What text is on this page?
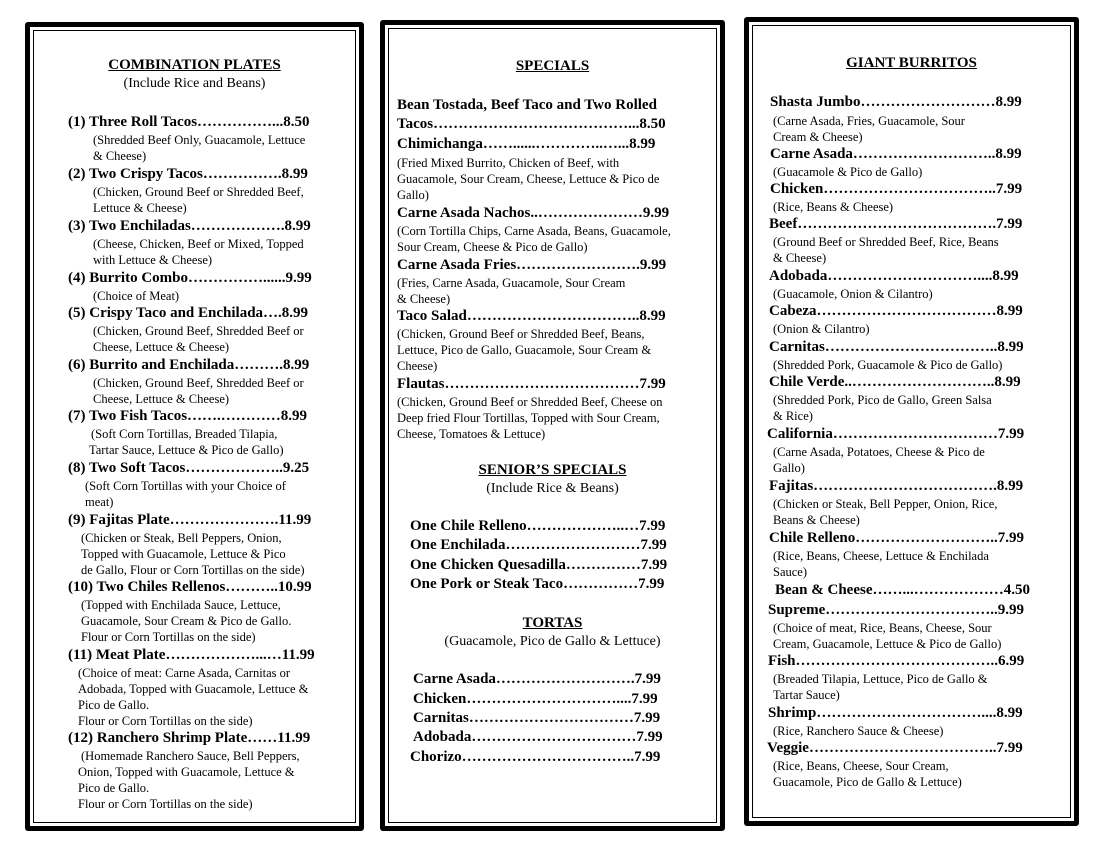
COMBINATION PLATES
(Include Rice and Beans)
(1) Three Roll Tacos……………...8.50
(Shredded Beef Only, Guacamole, Lettuce
& Cheese)
(2) Two Crispy Tacos…………….8.99
(Chicken, Ground Beef or Shredded Beef,
Lettuce & Cheese)
(3) Two Enchiladas……………….8.99
(Cheese, Chicken, Beef or Mixed, Topped
with Lettuce & Cheese)
(4) Burrito Combo……………......9.99
(Choice of Meat)
(5) Crispy Taco and Enchilada….8.99
(Chicken, Ground Beef, Shredded Beef or
Cheese, Lettuce & Cheese)
(6) Burrito and Enchilada……….8.99
(Chicken, Ground Beef, Shredded Beef or
Cheese, Lettuce & Cheese)
(7) Two Fish Tacos…….…………8.99
(Soft Corn Tortillas, Breaded Tilapia,
Tartar Sauce, Lettuce & Pico de Gallo)
(8) Two Soft Tacos………………..9.25
(Soft Corn Tortillas with your Choice of
meat)
(9) Fajitas Plate………………….11.99
(Chicken or Steak, Bell Peppers, Onion,
Topped with Guacamole, Lettuce & Pico
de Gallo, Flour or Corn Tortillas on the side)
(10) Two Chiles Rellenos………..10.99
(Topped with Enchilada Sauce, Lettuce,
Guacamole, Sour Cream & Pico de Gallo.
Flour or Corn Tortillas on the side)
(11) Meat Plate………………...…11.99
(Choice of meat: Carne Asada, Carnitas or
Adobada, Topped with Guacamole, Lettuce &
Pico de Gallo.
Flour or Corn Tortillas on the side)
(12) Ranchero Shrimp Plate……11.99
(Homemade Ranchero Sauce, Bell Peppers,
Onion, Topped with Guacamole, Lettuce &
Pico de Gallo.
Flour or Corn Tortillas on the side)
SPECIALS
Bean Tostada, Beef Taco and Two Rolled
Tacos…………………………………...8.50
Chimichanga……......…………..…...8.99
(Fried Mixed Burrito, Chicken of Beef, with
Guacamole, Sour Cream, Cheese, Lettuce & Pico de
Gallo)
Carne Asada Nachos..…………………9.99
(Corn Tortilla Chips, Carne Asada, Beans, Guacamole,
Sour Cream, Cheese & Pico de Gallo)
Carne Asada Fries…………………….9.99
(Fries, Carne Asada, Guacamole, Sour Cream
& Cheese)
Taco Salad……………………………..8.99
(Chicken, Ground Beef or Shredded Beef, Beans,
Lettuce, Pico de Gallo, Guacamole, Sour Cream &
Cheese)
Flautas…………………………………7.99
(Chicken, Ground Beef or Shredded Beef, Cheese on
Deep fried Flour Tortillas, Topped with Sour Cream,
Cheese, Tomatoes & Lettuce)
SENIOR’S SPECIALS
(Include Rice & Beans)
One Chile Relleno………………..…7.99
One Enchilada………………………7.99
One Chicken Quesadilla……………7.99
One Pork or Steak Taco……………7.99
TORTAS
(Guacamole, Pico de Gallo & Lettuce)
Carne Asada……………………….7.99
Chicken…………………………....7.99
Carnitas……………………………7.99
Adobada……………………………7.99
Chorizo……………………………..7.99
GIANT BURRITOS
Shasta Jumbo………………………8.99
(Carne Asada, Fries, Guacamole, Sour
Cream & Cheese)
Carne Asada………………………..8.99
(Guacamole & Pico de Gallo)
Chicken……………………………..7.99
(Rice, Beans & Cheese)
Beef………………………………….7.99
(Ground Beef or Shredded Beef, Rice, Beans
& Cheese)
Adobada…………………………....8.99
(Guacamole, Onion & Cilantro)
Cabeza………………………………8.99
(Onion & Cilantro)
Carnitas……………………………..8.99
(Shredded Pork, Guacamole & Pico de Gallo)
Chile Verde..………………………..8.99
(Shredded Pork, Pico de Gallo, Green Salsa
& Rice)
California……………………………7.99
(Carne Asada, Potatoes, Cheese & Pico de
Gallo)
Fajitas……………………………….8.99
(Chicken or Steak, Bell Pepper, Onion, Rice,
Beans & Cheese)
Chile Relleno………………………..7.99
(Rice, Beans, Cheese, Lettuce & Enchilada
Sauce)
Bean & Cheese……...………………4.50
Supreme……………………………..9.99
(Choice of meat, Rice, Beans, Cheese, Sour
Cream, Guacamole, Lettuce & Pico de Gallo)
Fish…………………………………..6.99
(Breaded Tilapia, Lettuce, Pico de Gallo &
Tartar Sauce)
Shrimp……………………………....8.99
(Rice, Ranchero Sauce & Cheese)
Veggie………………………………..7.99
(Rice, Beans, Cheese, Sour Cream,
Guacamole, Pico de Gallo & Lettuce)
